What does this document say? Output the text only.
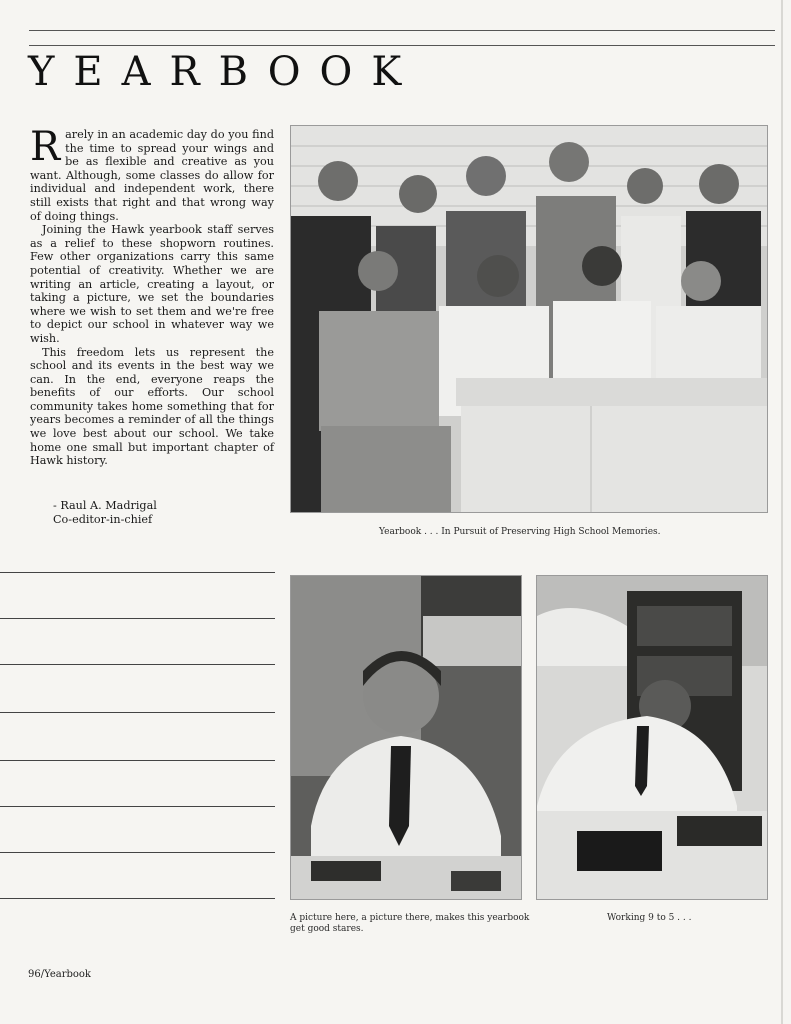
YEARBOOK

Rarely in an academic day do you find the time to spread your wings and be as flexible and creative as you want. Although, some classes do allow for individual and independent work, there still exists that right and that wrong way of doing things.

Joining the Hawk yearbook staff serves as a relief to these shopworn routines. Few other organizations carry this same potential of creativity. Whether we are writing an article, creating a layout, or taking a picture, we set the boundaries where we wish to set them and we're free to depict our school in whatever way we wish.

This freedom lets us represent the school and its events in the best way we can. In the end, everyone reaps the benefits of our efforts. Our school community takes home something that for years becomes a reminder of all the things we love best about our school. We take home one small but important chapter of Hawk history.

- Raul A. Madrigal
Co-editor-in-chief
Yearbook . . . In Pursuit of Preserving High School Memories.
A picture here, a picture there, makes this yearbook get good stares.
Working 9 to 5 . . .
96/Yearbook
